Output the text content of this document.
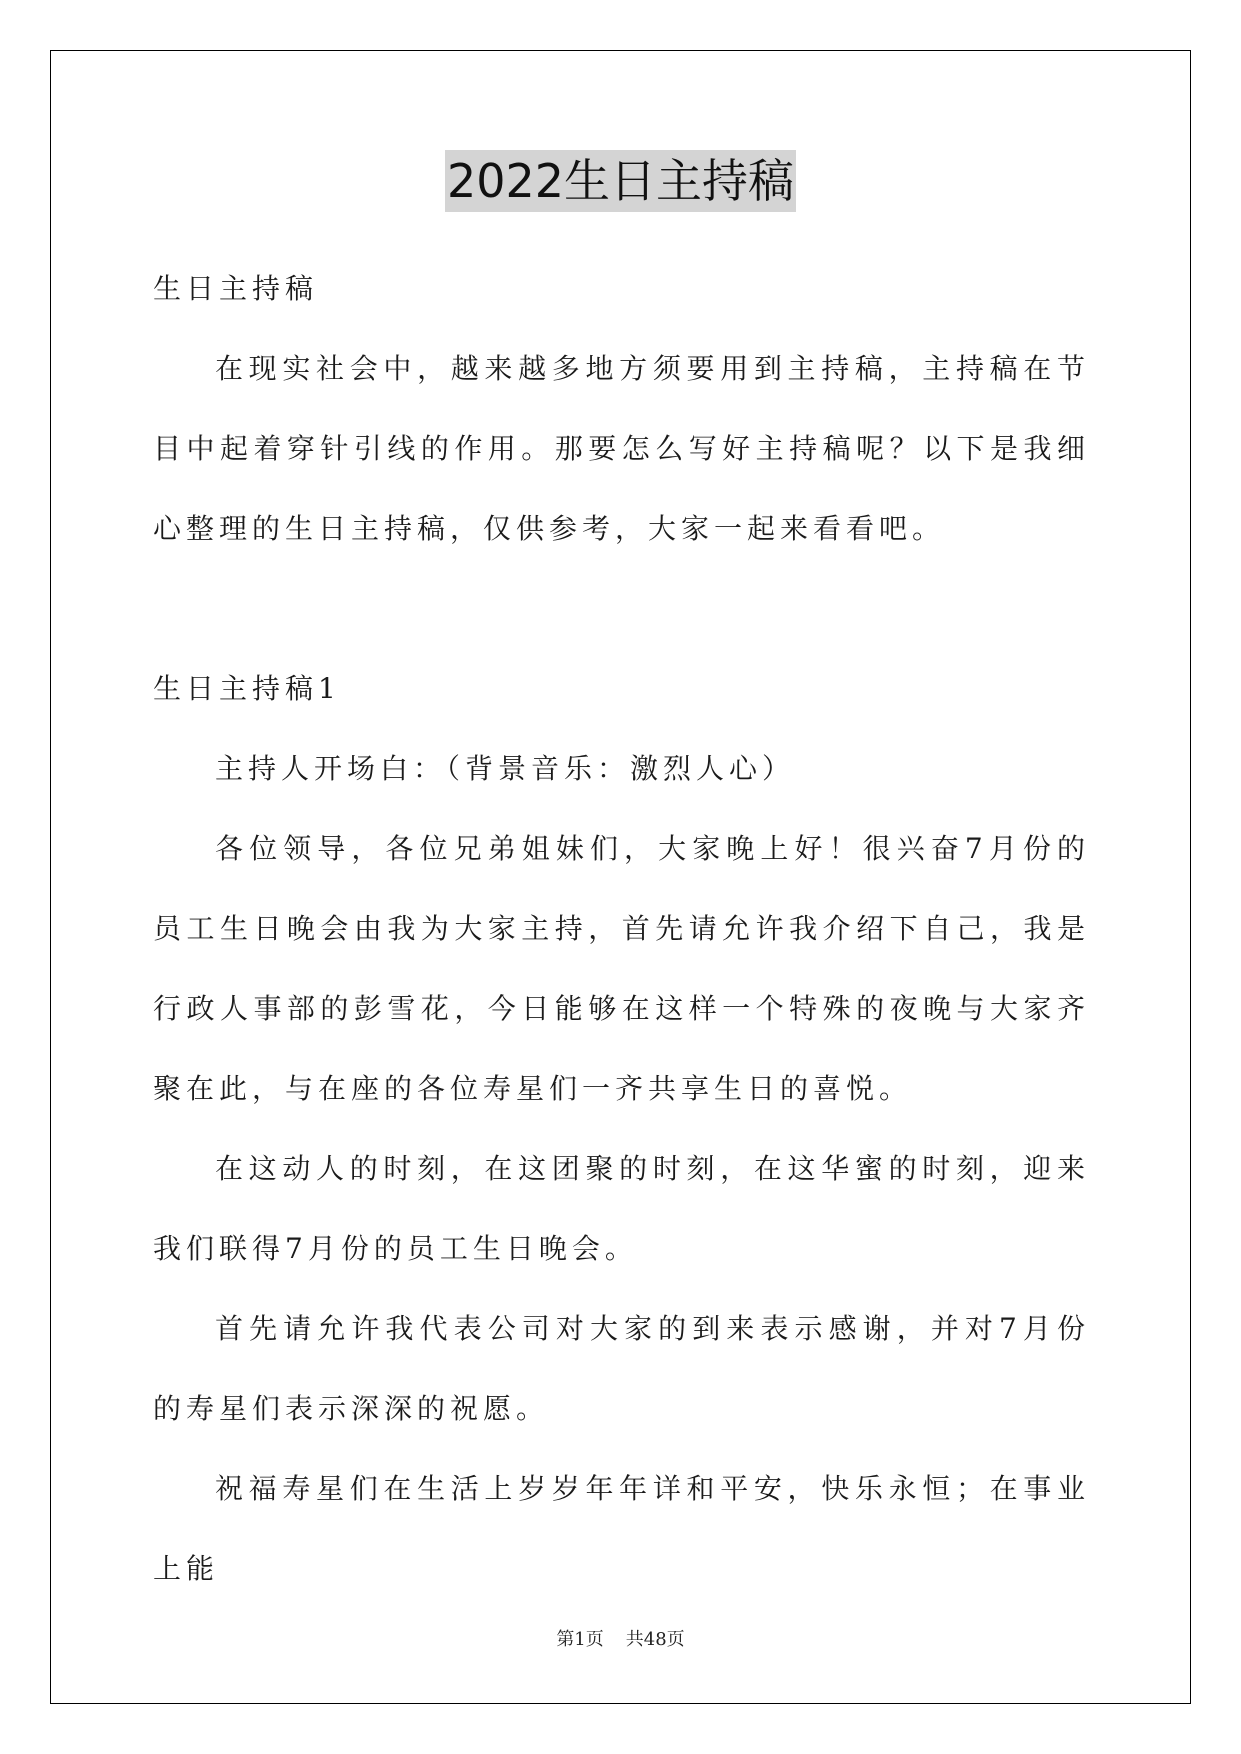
2022生日主持稿

生日主持稿

在现实社会中，越来越多地方须要用到主持稿，主持稿在节目中起着穿针引线的作用。那要怎么写好主持稿呢？以下是我细心整理的生日主持稿，仅供参考，大家一起来看看吧。

生日主持稿1

主持人开场白：（背景音乐：激烈人心）

各位领导，各位兄弟姐妹们，大家晚上好！很兴奋7月份的员工生日晚会由我为大家主持，首先请允许我介绍下自己，我是行政人事部的彭雪花，今日能够在这样一个特殊的夜晚与大家齐聚在此，与在座的各位寿星们一齐共享生日的喜悦。

在这动人的时刻，在这团聚的时刻，在这华蜜的时刻，迎来我们联得7月份的员工生日晚会。

首先请允许我代表公司对大家的到来表示感谢，并对7月份的寿星们表示深深的祝愿。

祝福寿星们在生活上岁岁年年详和平安，快乐永恒；在事业上能

第1页 共48页
